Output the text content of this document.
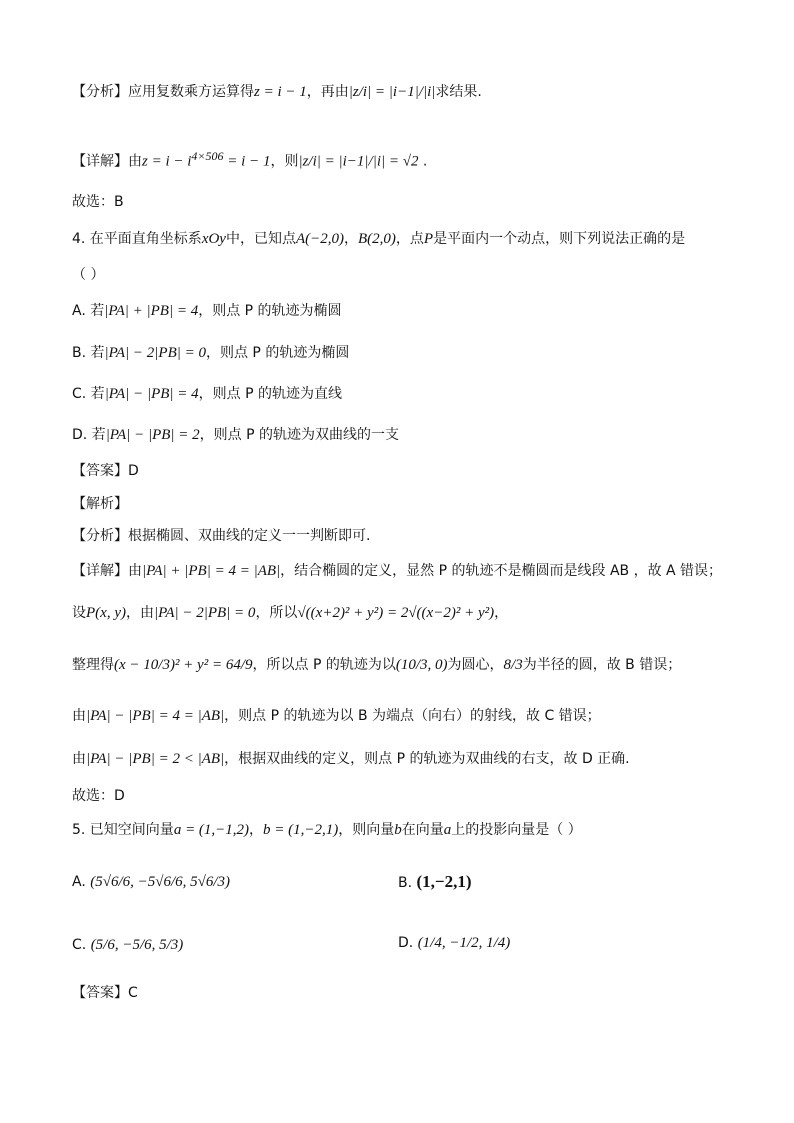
【分析】应用复数乘方运算得z = i − 1，再由|z/i| = |i−1|/|i|求结果.
【详解】由$z = i - i^{4\times 506} = i - 1$，则|z/i| = |i−1|/|i| = √2 .
故选：B
4. 在平面直角坐标系xOy中，已知点A(−2,0)，B(2,0)，点P是平面内一个动点，则下列说法正确的是
（ ）
A. 若|PA| + |PB| = 4，则点 P 的轨迹为椭圆
B. 若|PA| − 2|PB| = 0，则点 P 的轨迹为椭圆
C. 若|PA| − |PB| = 4，则点 P 的轨迹为直线
D. 若|PA| − |PB| = 2，则点 P 的轨迹为双曲线的一支
【答案】D
【解析】
【分析】根据椭圆、双曲线的定义一一判断即可.
【详解】由|PA| + |PB| = 4 = |AB|，结合椭圆的定义，显然 P 的轨迹不是椭圆而是线段 AB ，故 A 错误；
设P(x, y)，由|PA| − 2|PB| = 0，所以√((x+2)² + y²) = 2√((x−2)² + y²)，
整理得(x − 10/3)² + y² = 64/9，所以点 P 的轨迹为以(10/3, 0)为圆心，8/3为半径的圆，故 B 错误；
由|PA| − |PB| = 4 = |AB|，则点 P 的轨迹为以 B 为端点（向右）的射线，故 C 错误；
由|PA| − |PB| = 2 < |AB|，根据双曲线的定义，则点 P 的轨迹为双曲线的右支，故 D 正确.
故选：D
5. 已知空间向量a = (1,−1,2)，b = (1,−2,1)，则向量b在向量a上的投影向量是（ ）
A. (5√6/6, −5√6/6, 5√6/3)	B. (1,−2,1)
C. (5/6, −5/6, 5/3)	D. (1/4, −1/2, 1/4)
【答案】C
